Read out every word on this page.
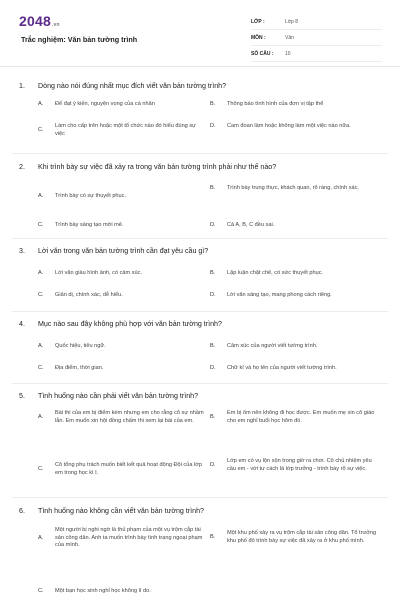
2048.vn
Trắc nghiệm: Văn bản tường trình
LỚP :	Lớp 8
MÔN :	Văn
SỐ CÂU :	10
1. Dòng nào nói đúng nhất mục đích viết văn bản tường trình?
A.	Để đạt ý kiến, nguyện vọng của cá nhân	B.	Thông báo tình hình của đơn vị tập thể
C.
Làm cho cấp trên hoặc một tổ chức nào đó hiểu đúng sự việc
D.	Cam đoan làm hoặc không làm một việc nào nữa.
2. Khi trình bày sự việc đã xảy ra trong văn bản tường trình phải như thế nào?
A.	Trình bày có sự thuyết phục.
B.	Trình bày trung thực, khách quan, rõ ràng, chính xác.
C.	Trình bày sáng tạo mới mẻ.	D.	Cả A, B, C đều sai.
3. Lời văn trong văn bản tường trình cần đạt yêu cầu gì?
A.	Lời văn giàu hình ảnh, có cảm xúc.	B.	Lập luận chặt chẽ, có sức thuyết phục.
C.	Giản dị, chính xác, dễ hiểu.	D.	Lời văn sáng tạo, mang phong cách riêng.
4. Mục nào sau đây không phù hợp với văn bản tường trình?
A.	Quốc hiệu, tiêu ngữ.	B.	Cảm xúc của người viết tường trình.
C.	Địa điểm, thời gian.	D.	Chữ kí và họ tên của người viết tường trình.
5. Tình huống nào cần phải viết văn bản tường trình?
A.
Bài thi của em bị điểm kém nhưng em cho rằng cô sự nhầm lẫn. Em muốn xin hội đồng chấm thi xem lại bài của em.
B.
Em bị ốm nên không đi học được. Em muốn mẹ xin cô giáo cho em nghỉ buổi học hôm đó.
C.
Cô tổng phụ trách muốn biết kết quả hoạt động Đội của lớp em trong học kì I.
D.
Lớp em có vụ lộn xộn trong giờ ra chơi. Cô chủ nhiệm yêu cầu em - với tư cách là lớp trưởng - trình bày rõ sự việc.
6. Tình huống nào không cần viết văn bản tường trình?
A.
Một người bị nghi ngờ là thủ phạm của một vụ trộm cắp tài sản công dân. Anh ta muốn trình bày tình trạng ngoại phạm của mình.
B.
Một khu phố xảy ra vụ trộm cắp tài sản công dân. Tổ trưởng khu phố đó trình bày sự việc đã xảy ra ở khu phố mình.
C.	Một bạn học sinh nghỉ học không lí do.
